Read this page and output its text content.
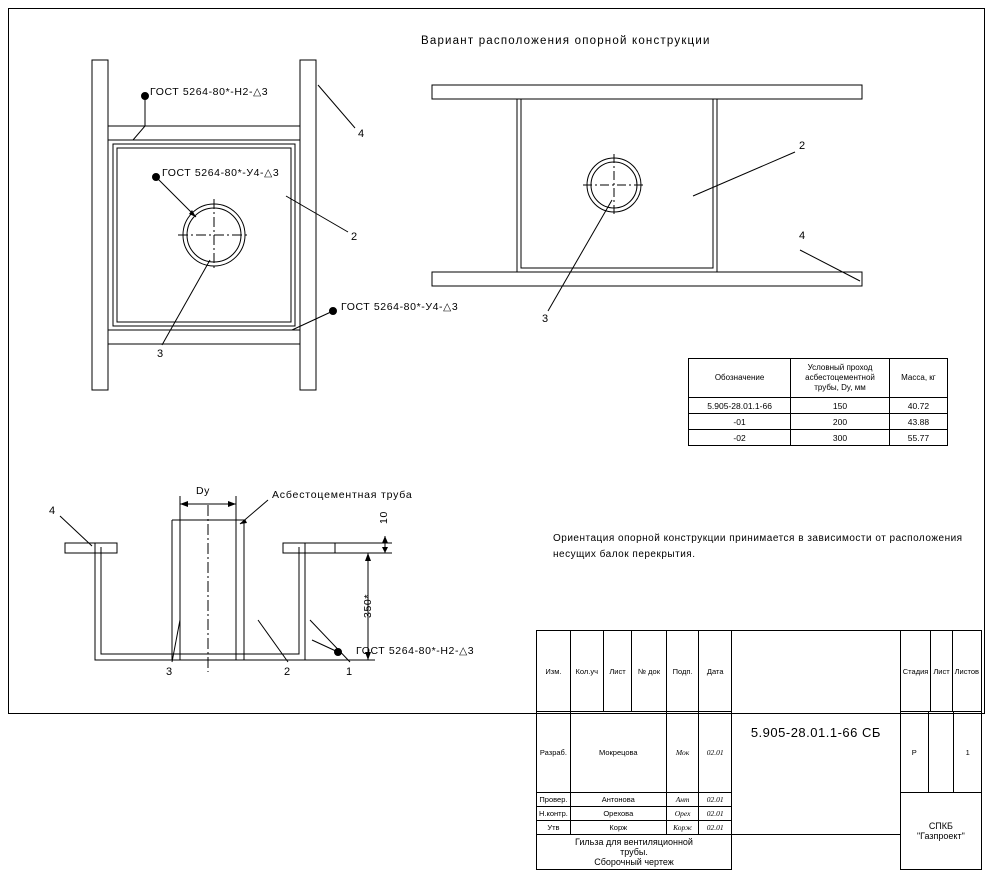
Вариант расположения опорной конструкции
ГОСТ 5264-80*-Н2-△3
ГОСТ 5264-80*-У4-△3
ГОСТ 5264-80*-У4-△3
4
2
3
2
4
3
4
3	2	1
Dy	Асбестоцементная труба
10
350*
ГОСТ 5264-80*-Н2-△3
Обозначение	Условный проход асбестоцементной трубы, Dy, мм	Масса, кг
5.905-28.01.1-66	150	40.72
-01	200	43.88
-02	300	55.77
Ориентация опорной конструкции принимается в зависимости от расположения несущих балок перекрытия.
Изм.	Кол.уч	Лист	№ док	Подп.	Дата	5.905-28.01.1-66 СБ	
Стадия	Лист	Листов

Разраб.	Мокрецова	Мок	02.01		Р		1

Провер.	Антонова	Ант	02.01	
СПКБ
"Газпроект"

Н.контр.	Орехова	Орех	02.01
Утв	Корж	Корж	02.01

Гильза для вентиляционной
трубы.
Сборочный чертеж
